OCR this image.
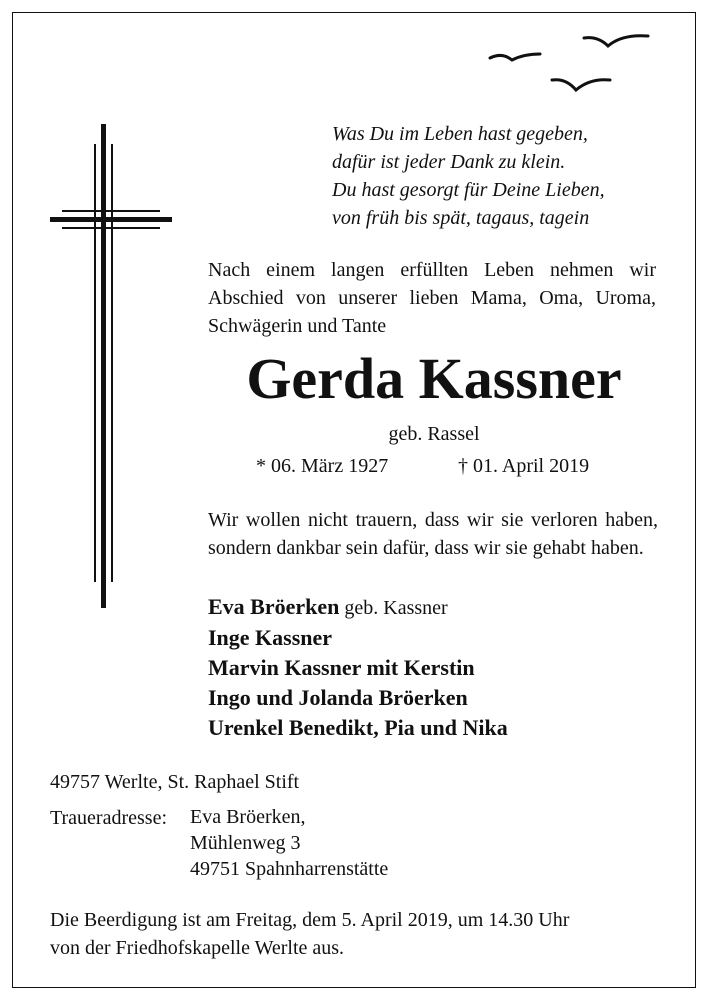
Was Du im Leben hast gegeben,
dafür ist jeder Dank zu klein.
Du hast gesorgt für Deine Lieben,
von früh bis spät, tagaus, tagein
Nach einem langen erfüllten Leben nehmen wir Abschied von unserer lieben Mama, Oma, Uroma, Schwägerin und Tante
Gerda Kassner
geb. Rassel
* 06. März 1927	† 01. April 2019
Wir wollen nicht trauern, dass wir sie verloren haben, sondern dankbar sein dafür, dass wir sie gehabt haben.
Eva Bröerken geb. Kassner
Inge Kassner
Marvin Kassner mit Kerstin
Ingo und Jolanda Bröerken
Urenkel Benedikt, Pia und Nika
49757 Werlte, St. Raphael Stift
Traueradresse: Eva Bröerken,
Mühlenweg 3
49751 Spahnharrenstätte
Die Beerdigung ist am Freitag, dem 5. April 2019, um 14.30 Uhr
von der Friedhofskapelle Werlte aus.
